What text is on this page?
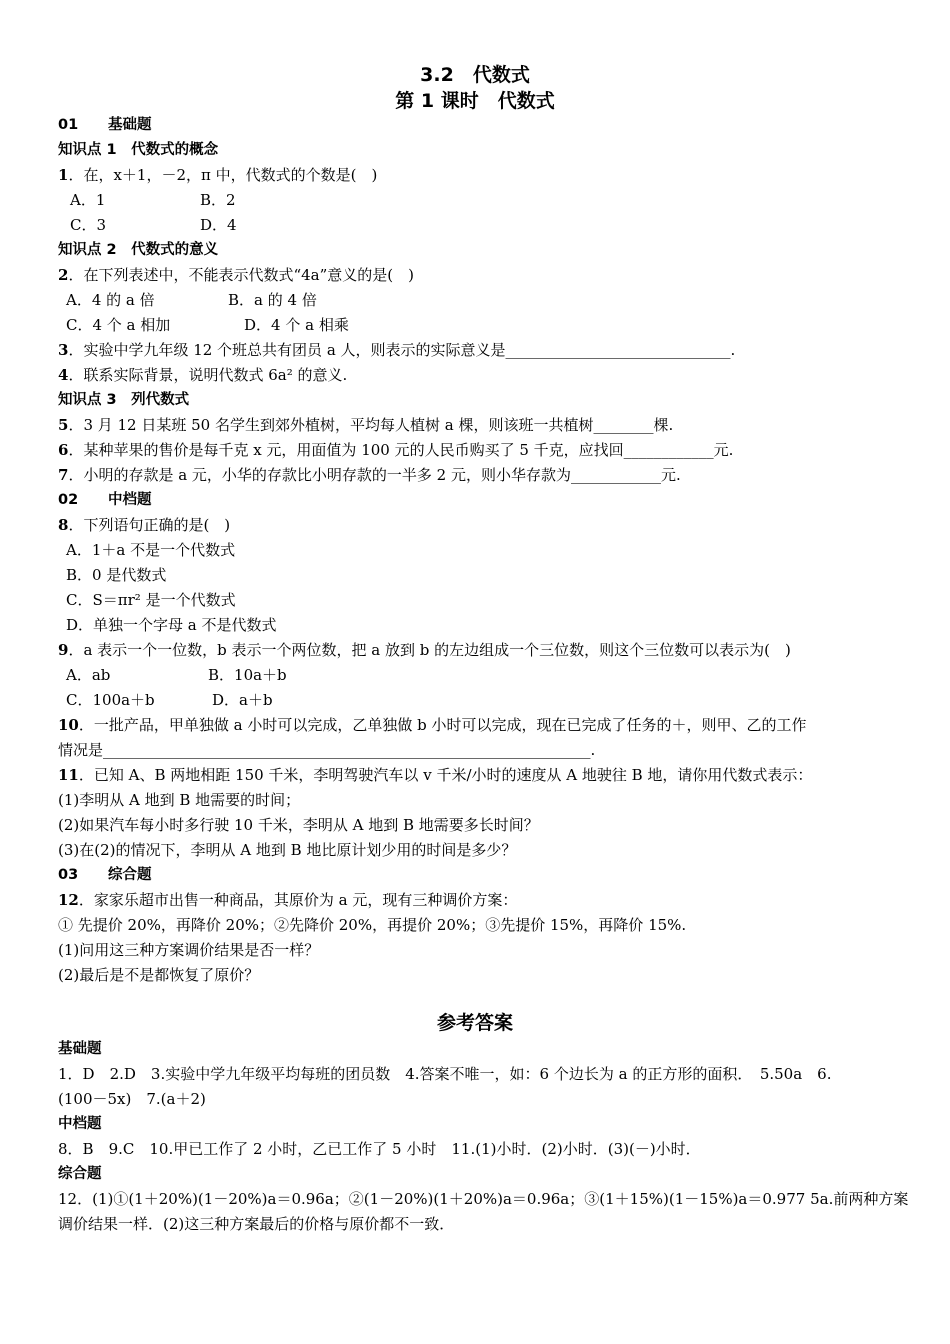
3.2　代数式
第 1 课时　代数式
01 基础题
知识点 1　代数式的概念
1．在，x＋1，－2，π 中，代数式的个数是(　)
A．1	B．2
C．3	D．4
知识点 2　代数式的意义
2．在下列表述中，不能表示代数式“4a”意义的是(　)
A．4 的 a 倍	B．a 的 4 倍
C．4 个 a 相加	D．4 个 a 相乘
3．实验中学九年级 12 个班总共有团员 a 人，则表示的实际意义是______________________________.
4．联系实际背景，说明代数式 6a² 的意义.
知识点 3　列代数式
5．3 月 12 日某班 50 名学生到郊外植树，平均每人植树 a 棵，则该班一共植树________棵.
6．某种苹果的售价是每千克 x 元，用面值为 100 元的人民币购买了 5 千克，应找回____________元.
7．小明的存款是 a 元，小华的存款比小明存款的一半多 2 元，则小华存款为____________元.
02 中档题
8．下列语句正确的是(　)
A．1＋a 不是一个代数式
B．0 是代数式
C．S＝πr² 是一个代数式
D．单独一个字母 a 不是代数式
9．a 表示一个一位数，b 表示一个两位数，把 a 放到 b 的左边组成一个三位数，则这个三位数可以表示为(　)
A．ab	B．10a＋b
C．100a＋b	D．a＋b
10．一批产品，甲单独做 a 小时可以完成，乙单独做 b 小时可以完成，现在已完成了任务的＋，则甲、乙的工作
情况是_________________________________________________________________.
11．已知 A、B 两地相距 150 千米，李明驾驶汽车以 v 千米/小时的速度从 A 地驶往 B 地，请你用代数式表示：
(1)李明从 A 地到 B 地需要的时间；
(2)如果汽车每小时多行驶 10 千米，李明从 A 地到 B 地需要多长时间？
(3)在(2)的情况下，李明从 A 地到 B 地比原计划少用的时间是多少？
03 综合题
12．家家乐超市出售一种商品，其原价为 a 元，现有三种调价方案：
① 先提价 20%，再降价 20%；②先降价 20%，再提价 20%；③先提价 15%，再降价 15%.
(1)问用这三种方案调价结果是否一样？
(2)最后是不是都恢复了原价？
参考答案
基础题
1．D　2.D　3.实验中学九年级平均每班的团员数　4.答案不唯一，如：6 个边长为 a 的正方形的面积．　5.50a　6.
(100－5x)　7.(a＋2)
中档题
8．B　9.C　10.甲已工作了 2 小时，乙已工作了 5 小时　11.(1)小时．(2)小时．(3)(－)小时．
综合题
12．(1)①(1＋20%)(1－20%)a＝0.96a；②(1－20%)(1＋20%)a＝0.96a；③(1＋15%)(1－15%)a＝0.977 5a.前两种方案
调价结果一样．(2)这三种方案最后的价格与原价都不一致．
